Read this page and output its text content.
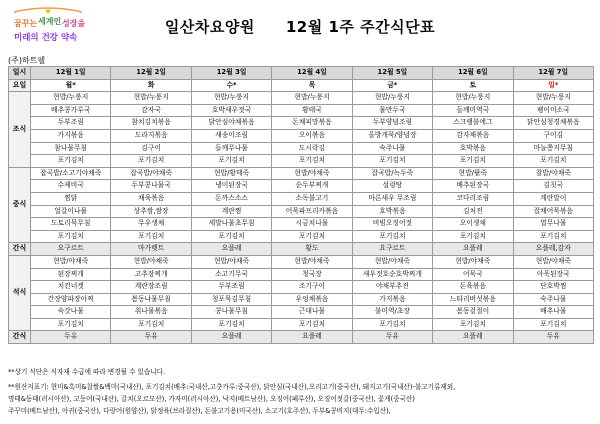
꿈꾸는 세계인 성장을
미래의 건강 약속
일산차요양원　　12월 1주 주간식단표
(주)하트웰
일시	12월 1일	12월 2일	12월 3일	12월 4일	12월 5일	12월 6일	12월 7일
요일	월*	화	수*	목	금*	토	일*
조식	현밥/누룽지	현밥/누룽지	현밥/누룽지	현밥/누룽지	현밥/누룽지	현밥/누룽지	현밥/누룽지
	배추콩가루국	감자국	호박새우젓국	황태국	물만두국	들깨미역국	팽이미소국
	두부조림	참치김치볶음	닭안심야채볶음	돈채피망볶음	두부양념조림	스크램블에그	닭안심청경채볶음
	가지볶음	도라지볶음	새송이조림	오이볶음	올방개묵/양념장	감자채볶음	구이김
	참나물무침	김구이	들깨무나물	도시락김	숙주나물	호박볶음	마늘쫑지무침
	포기김치	포기김치	포기김치	포기김치	포기김치	포기김치	포기김치
중식	잡곡밥/소고기야채죽	잡곡밥/야채죽	현밥/황태죽	현밥/야채죽	잡곡밥/녹두죽	현밥/팥죽	찰밥/야채죽
	수제비국	두부콩나물국	냉이된장국	순두부찌개	설렁탕	배추된장국	김칫국
	찜닭	채육볶음	돈까스소스	소독불고기	마른새우 무조림	코다리조림	계란말이
	얼갈이나물	상추쌈,쌈장	계란찜	어묵파프리카볶음	호박볶음	김처전	잡채어묵볶음
	도토리묵무침	무우생채	세발나물초무침	시금치나물	비빔오징어젓	오이생채	열무나물
	포기김치	포기김치	포기김치	포기김치	포기김치	포기김치	포기김치
간식	요구르트	마가렛트	요플레	황도	요구르트	요플레	요플레,감자
석식	현밥/야채죽	현밥/야채죽	현밥/야채죽	현밥/야채죽	현밥/야채죽	현밥/야채죽	현밥/야채죽
	된장찌개	고추장찌개	소고기무국	청국장	새우젓호순호박찌개	어묵국	아욱된장국
	치킨너겟	계란장조림	두부조림	조기구이	야채부추전	돈육볶음	단호박찜
	간장양파장아찌	봄동나물무침	청포묵김무침	우엉채볶음	가지볶음	느타리버섯볶음	숙주나물
	숙갓나물	취나물볶음	콩나물무침	근대나물	불미역/초장	봄동겉절이	배추나물
	포기김치	포기김치	포기김치	포기김치	포기김치	포기김치	포기김치
간식	두유	두유	요플레	요플레	두유	요플레	두유
**상기 식단은 식자재 수급에 따라 변경될 수 있습니다.
**원산지표기: 현미&흑미&찹쌀&백미(국내산), 포기김치(배추:국내산,고춧가루:중국산), 닭안심(국내산),오리고기(중국산), 돼지고기(국내산)-불고기류제외,
명태&동태(러시아산), 고등어(국내산), 갈치(오르모산), 가자미(러시아산), 낙지(베트남산), 오징어(페루산), 오징어젓갈(중국산), 꽃게(중국산)
주꾸미(베트남산), 아귀(중국산), 다랑어(원양산), 닭정육(브라질산), 돈불고기용(미국산), 소고기(호주산), 두부&콩비지(대두:수입산),
